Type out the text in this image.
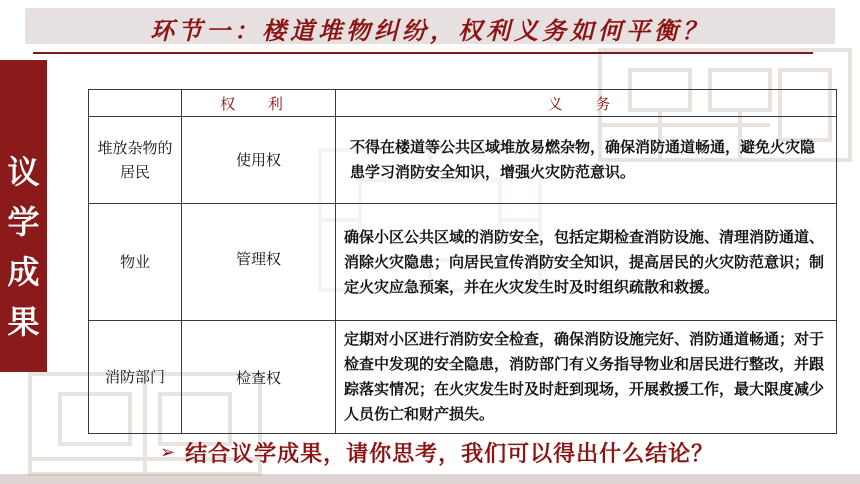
环节一：楼道堆物纠纷，权利义务如何平衡？
议
学
成
果
	权 利	义 务

堆放杂物的居民	使用权	不得在楼道等公共区域堆放易燃杂物，确保消防通道畅通，避免火灾隐患学习消防安全知识，增强火灾防范意识。

物业	管理权	确保小区公共区域的消防安全，包括定期检查消防设施、清理消防通道、消除火灾隐患；向居民宣传消防安全知识，提高居民的火灾防范意识；制定火灾应急预案，并在火灾发生时及时组织疏散和救援。

消防部门	检查权	定期对小区进行消防安全检查，确保消防设施完好、消防通道畅通；对于检查中发现的安全隐患，消防部门有义务指导物业和居民进行整改，并跟踪落实情况；在火灾发生时及时赶到现场，开展救援工作，最大限度减少人员伤亡和财产损失。
➢ 结合议学成果，请你思考，我们可以得出什么结论？
